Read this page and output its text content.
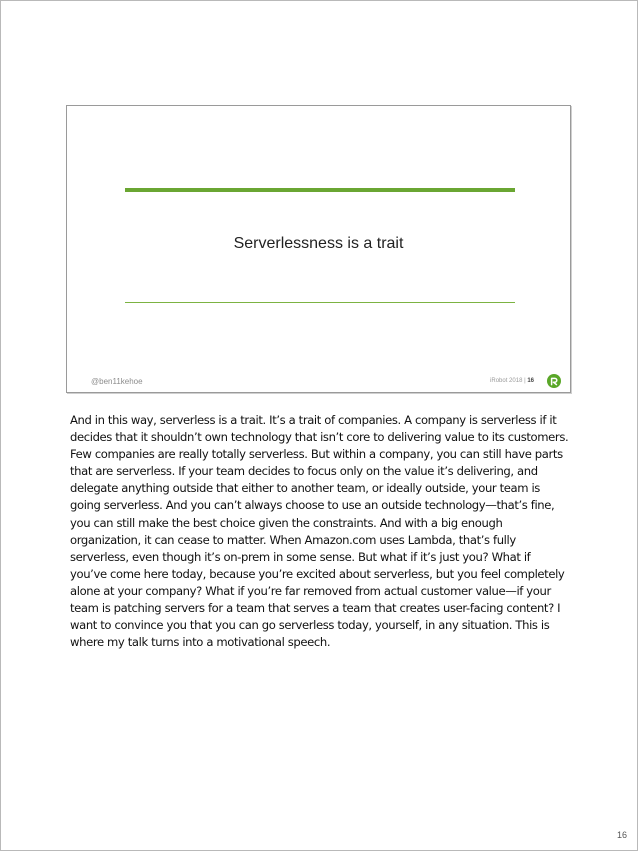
Serverlessness is a trait
@ben11kehoe	iRobot 2018 | 16

And in this way, serverless is a trait. It’s a trait of companies. A company is serverless if it decides that it shouldn’t own technology that isn’t core to delivering value to its customers. Few companies are really totally serverless. But within a company, you can still have parts that are serverless. If your team decides to focus only on the value it’s delivering, and delegate anything outside that either to another team, or ideally outside, your team is going serverless. And you can’t always choose to use an outside technology—that’s fine, you can still make the best choice given the constraints. And with a big enough organization, it can cease to matter. When Amazon.com uses Lambda, that’s fully serverless, even though it’s on-prem in some sense. But what if it’s just you? What if you’ve come here today, because you’re excited about serverless, but you feel completely alone at your company? What if you’re far removed from actual customer value—if your team is patching servers for a team that serves a team that creates user-facing content? I want to convince you that you can go serverless today, yourself, in any situation. This is where my talk turns into a motivational speech.

16
